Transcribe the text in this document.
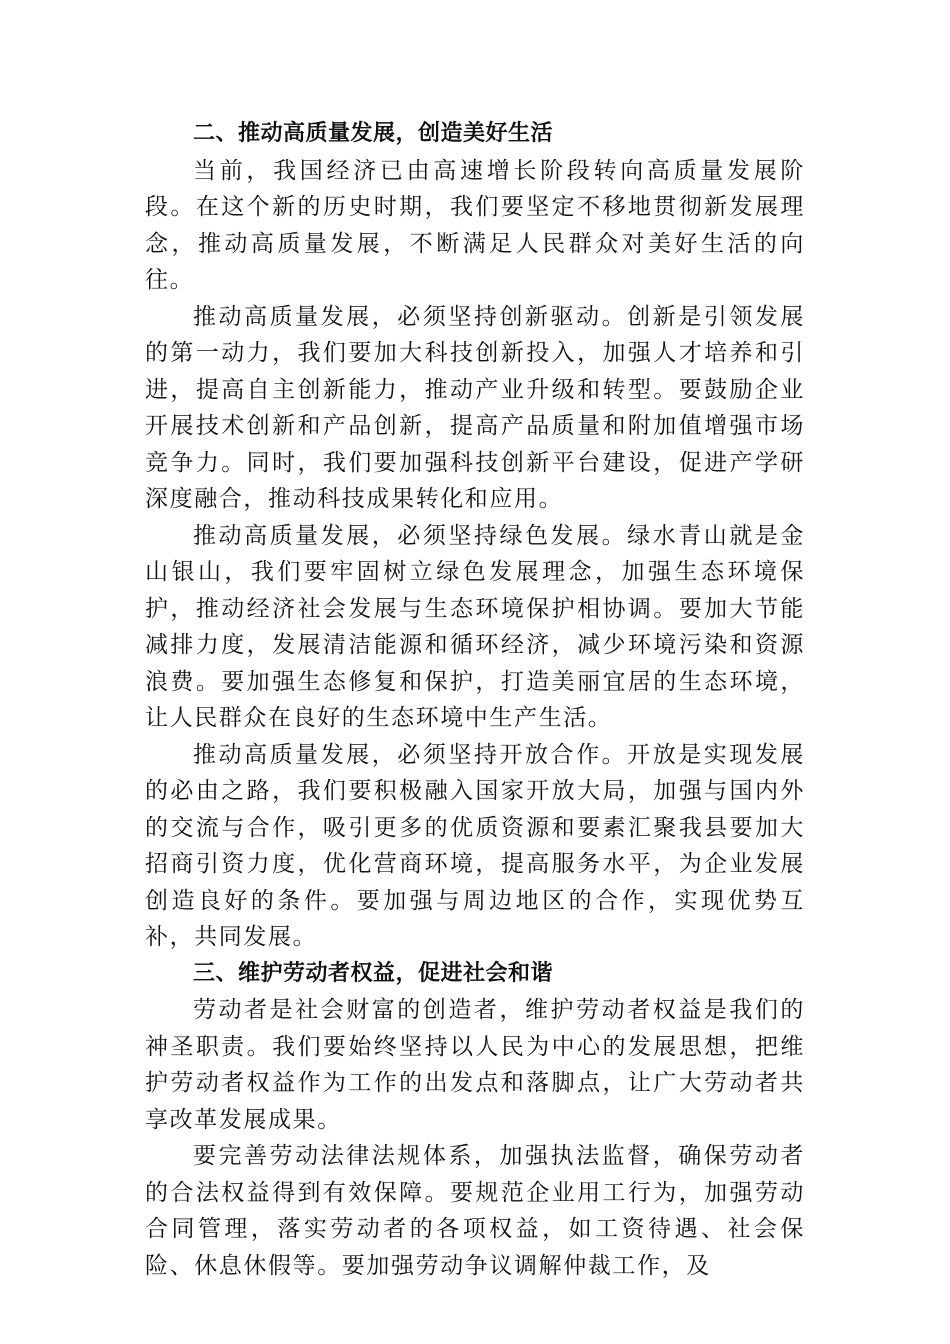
二、推动高质量发展，创造美好生活

当前，我国经济已由高速增长阶段转向高质量发展阶段。在这个新的历史时期，我们要坚定不移地贯彻新发展理念，推动高质量发展，不断满足人民群众对美好生活的向往。

推动高质量发展，必须坚持创新驱动。创新是引领发展的第一动力，我们要加大科技创新投入，加强人才培养和引进，提高自主创新能力，推动产业升级和转型。要鼓励企业开展技术创新和产品创新，提高产品质量和附加值增强市场竞争力。同时，我们要加强科技创新平台建设，促进产学研深度融合，推动科技成果转化和应用。

推动高质量发展，必须坚持绿色发展。绿水青山就是金山银山，我们要牢固树立绿色发展理念，加强生态环境保护，推动经济社会发展与生态环境保护相协调。要加大节能减排力度，发展清洁能源和循环经济，减少环境污染和资源浪费。要加强生态修复和保护，打造美丽宜居的生态环境，让人民群众在良好的生态环境中生产生活。

推动高质量发展，必须坚持开放合作。开放是实现发展的必由之路，我们要积极融入国家开放大局，加强与国内外的交流与合作，吸引更多的优质资源和要素汇聚我县要加大招商引资力度，优化营商环境，提高服务水平，为企业发展创造良好的条件。要加强与周边地区的合作，实现优势互补，共同发展。

三、维护劳动者权益，促进社会和谐

劳动者是社会财富的创造者，维护劳动者权益是我们的神圣职责。我们要始终坚持以人民为中心的发展思想，把维护劳动者权益作为工作的出发点和落脚点，让广大劳动者共享改革发展成果。

要完善劳动法律法规体系，加强执法监督，确保劳动者的合法权益得到有效保障。要规范企业用工行为，加强劳动合同管理，落实劳动者的各项权益，如工资待遇、社会保险、休息休假等。要加强劳动争议调解仲裁工作，及
